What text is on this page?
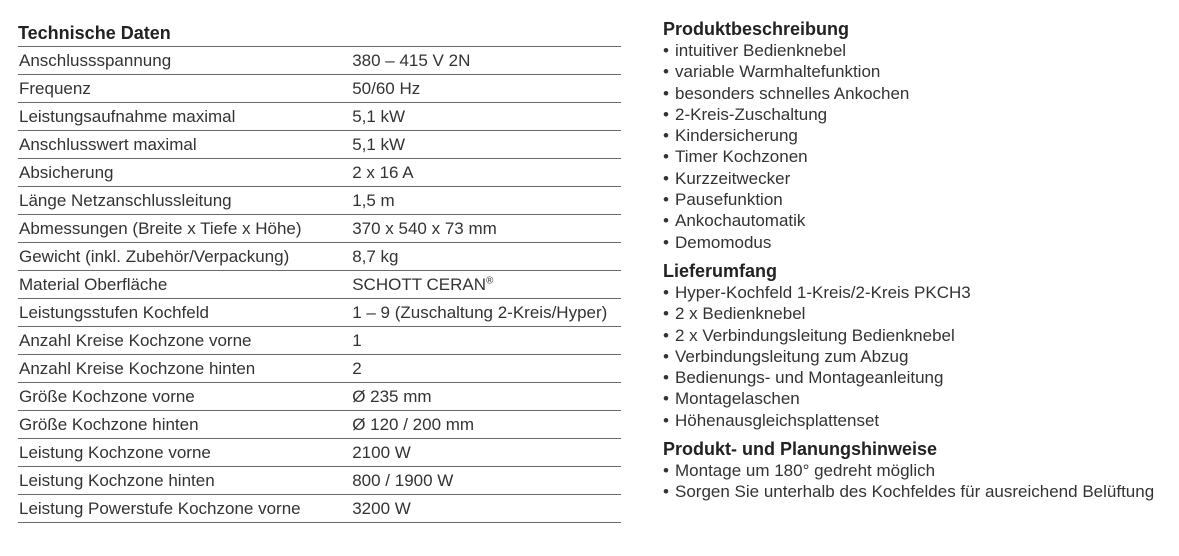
Technische Daten
Anschlussspannung	380 – 415 V 2N
Frequenz	50/60 Hz
Leistungsaufnahme maximal	5,1 kW
Anschlusswert maximal	5,1 kW
Absicherung	2 x 16 A
Länge Netzanschlussleitung	1,5 m
Abmessungen (Breite x Tiefe x Höhe)	370 x 540 x 73 mm
Gewicht (inkl. Zubehör/Verpackung)	8,7 kg
Material Oberfläche	SCHOTT CERAN®
Leistungsstufen Kochfeld	1 – 9 (Zuschaltung 2-Kreis/Hyper)
Anzahl Kreise Kochzone vorne	1
Anzahl Kreise Kochzone hinten	2
Größe Kochzone vorne	Ø 235 mm
Größe Kochzone hinten	Ø 120 / 200 mm
Leistung Kochzone vorne	2100 W
Leistung Kochzone hinten	800 / 1900 W
Leistung Powerstufe Kochzone vorne	3200 W
Produktbeschreibung
• intuitiver Bedienknebel
• variable Warmhaltefunktion
• besonders schnelles Ankochen
• 2-Kreis-Zuschaltung
• Kindersicherung
• Timer Kochzonen
• Kurzzeitwecker
• Pausefunktion
• Ankochautomatik
• Demomodus
Lieferumfang
• Hyper-Kochfeld 1-Kreis/2-Kreis PKCH3
• 2 x Bedienknebel
• 2 x Verbindungsleitung Bedienknebel
• Verbindungsleitung zum Abzug
• Bedienungs- und Montageanleitung
• Montagelaschen
• Höhenausgleichsplattenset
Produkt- und Planungshinweise
• Montage um 180° gedreht möglich
• Sorgen Sie unterhalb des Kochfeldes für ausreichend Belüftung
